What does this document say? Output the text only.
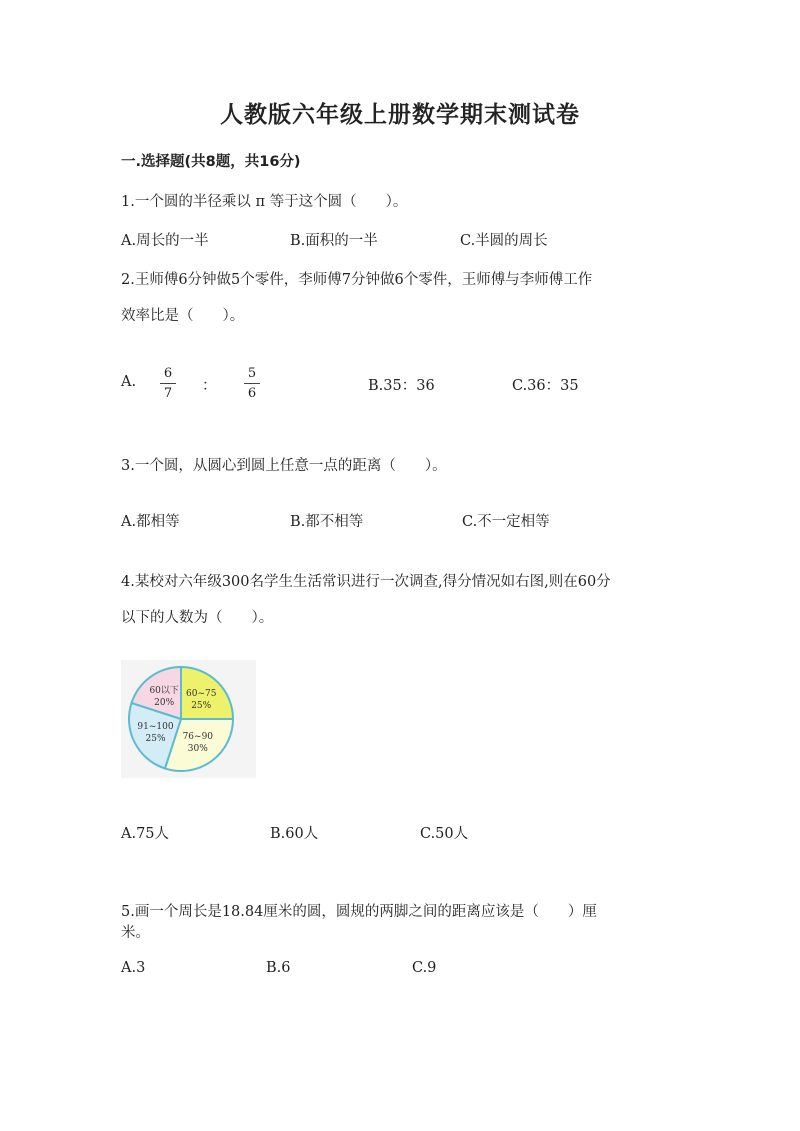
人教版六年级上册数学期末测试卷
一.选择题(共8题，共16分)
1.一个圆的半径乘以 π 等于这个圆（　　）。
A.周长的一半	B.面积的一半	C.半圆的周长
2.王师傅6分钟做5个零件，李师傅7分钟做6个零件，王师傅与李师傅工作
效率比是（　　）。
A.
6
7 ：
5
6	B.35：36	C.36：35
3.一个圆，从圆心到圆上任意一点的距离（　　）。
A.都相等	B.都不相等	C.不一定相等
4.某校对六年级300名学生生活常识进行一次调查,得分情况如右图,则在60分
以下的人数为（　　）。
60~75
25%
76~90
30%
91~100
25%
60以下
20%
A.75人	B.60人	C.50人
5.画一个周长是18.84厘米的圆，圆规的两脚之间的距离应该是（　　）厘
米。
A.3	B.6	C.9
